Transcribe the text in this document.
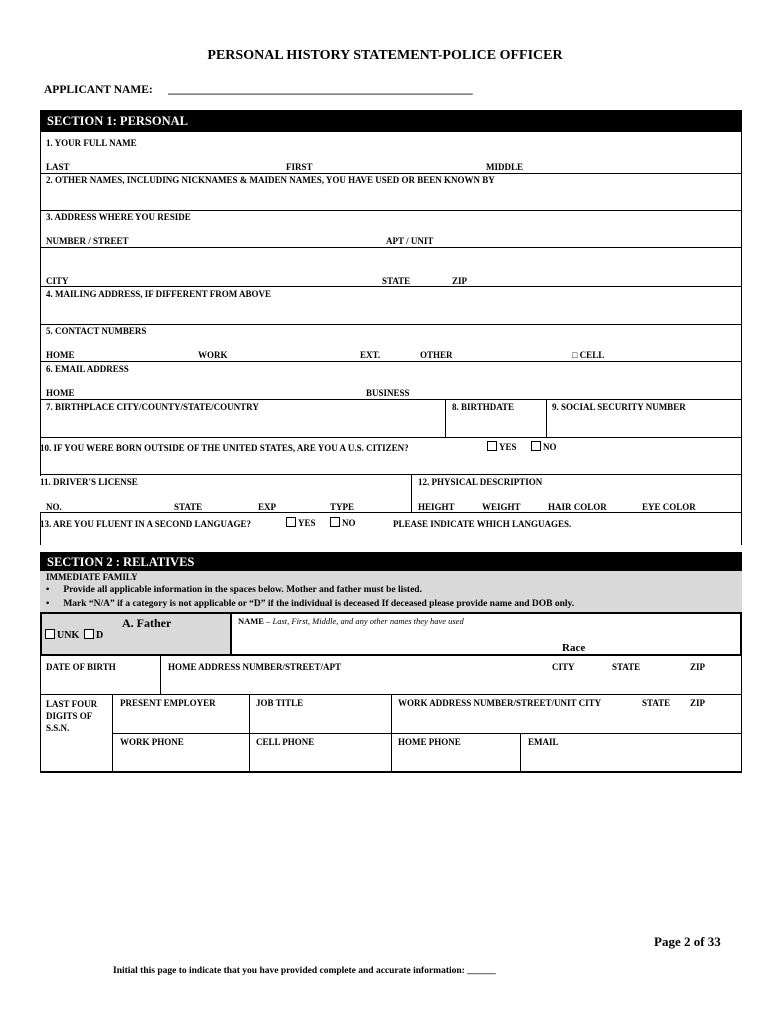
PERSONAL HISTORY STATEMENT-POLICE OFFICER
APPLICANT NAME: _____________________________________________________
SECTION 1: PERSONAL
1. YOUR FULL NAME
LAST	FIRST	MIDDLE
2. OTHER NAMES, INCLUDING NICKNAMES & MAIDEN NAMES, YOU HAVE USED OR BEEN KNOWN BY
3. ADDRESS WHERE YOU RESIDE
NUMBER / STREET	APT / UNIT
CITY	STATE	ZIP
4. MAILING ADDRESS, IF DIFFERENT FROM ABOVE
5. CONTACT NUMBERS
HOME	WORK	EXT.	OTHER	□ CELL
6. EMAIL ADDRESS
HOME	BUSINESS
7. BIRTHPLACE CITY/COUNTY/STATE/COUNTRY	8. BIRTHDATE	9. SOCIAL SECURITY NUMBER
10. IF YOU WERE BORN OUTSIDE OF THE UNITED STATES, ARE YOU A U.S. CITIZEN?	YES	NO
11. DRIVER'S LICENSE	12. PHYSICAL DESCRIPTION
NO.	STATE	EXP	TYPE	HEIGHT	WEIGHT	HAIR COLOR	EYE COLOR
13. ARE YOU FLUENT IN A SECOND LANGUAGE?	YES	NO	PLEASE INDICATE WHICH LANGUAGES.
SECTION 2 : RELATIVES
IMMEDIATE FAMILY
• Provide all applicable information in the spaces below. Mother and father must be listed.
• Mark “N/A” if a category is not applicable or “D” if the individual is deceased If deceased please provide name and DOB only.
A. Father
UNK	D
NAME – Last, First, Middle, and any other names they have used
Race
DATE OF BIRTH	HOME ADDRESS NUMBER/STREET/APT	CITY	STATE	ZIP
LAST FOUR
DIGITS OF
S.S.N.
PRESENT EMPLOYER	JOB TITLE	WORK ADDRESS NUMBER/STREET/UNIT CITY	STATE ZIP
WORK PHONE	CELL PHONE	HOME PHONE	EMAIL
Page 2 of 33
Initial this page to indicate that you have provided complete and accurate information: ______
